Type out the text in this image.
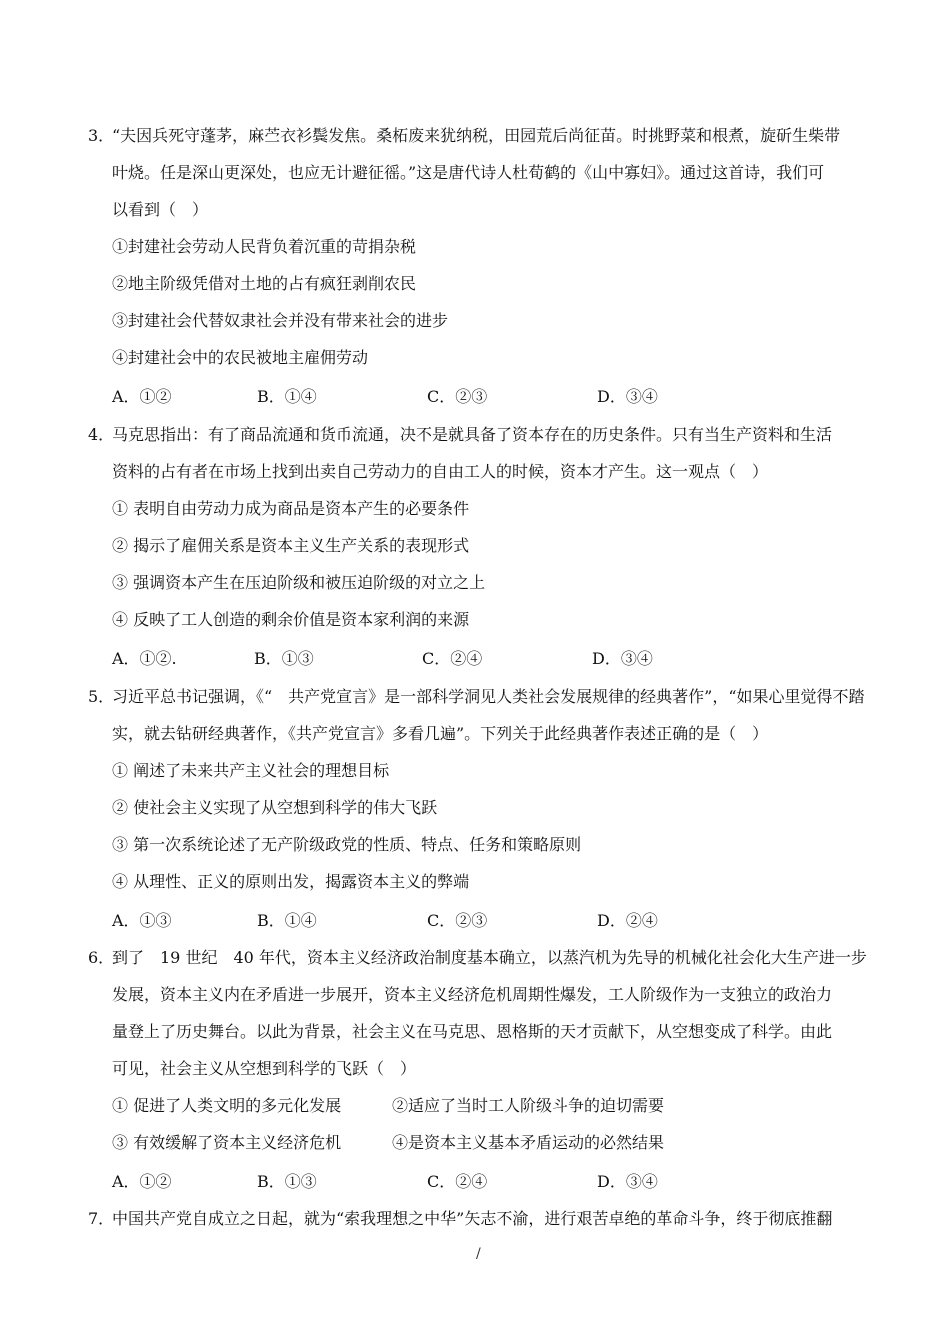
3．
“夫因兵死守蓬茅，麻苎衣衫鬓发焦。桑柘废来犹纳税，田园荒后尚征苗。时挑野菜和根煮，旋斫生柴带
叶烧。任是深山更深处，也应无计避征徭。”这是唐代诗人杜荀鹤的《山中寡妇》。通过这首诗，我们可
以看到（　）
①封建社会劳动人民背负着沉重的苛捐杂税
②地主阶级凭借对土地的占有疯狂剥削农民
③封建社会代替奴隶社会并没有带来社会的进步
④封建社会中的农民被地主雇佣劳动
A．①②	B．①④	C．②③	D．③④
4．
马克思指出：有了商品流通和货币流通，决不是就具备了资本存在的历史条件。只有当生产资料和生活
资料的占有者在市场上找到出卖自己劳动力的自由工人的时候，资本才产生。这一观点（　）
① 表明自由劳动力成为商品是资本产生的必要条件
② 揭示了雇佣关系是资本主义生产关系的表现形式
③ 强调资本产生在压迫阶级和被压迫阶级的对立之上
④ 反映了工人创造的剩余价值是资本家利润的来源
A．①②.	B．①③	C．②④	D．③④
5．
习近平总书记强调，《“　共产党宣言》是一部科学洞见人类社会发展规律的经典著作”，“如果心里觉得不踏
实，就去钻研经典著作，《共产党宣言》多看几遍”。下列关于此经典著作表述正确的是（　）
① 阐述了未来共产主义社会的理想目标
② 使社会主义实现了从空想到科学的伟大飞跃
③ 第一次系统论述了无产阶级政党的性质、特点、任务和策略原则
④ 从理性、正义的原则出发，揭露资本主义的弊端
A．①③	B．①④	C．②③	D．②④
6．
到了　19 世纪　40 年代，资本主义经济政治制度基本确立，以蒸汽机为先导的机械化社会化大生产进一步
发展，资本主义内在矛盾进一步展开，资本主义经济危机周期性爆发，工人阶级作为一支独立的政治力
量登上了历史舞台。以此为背景，社会主义在马克思、恩格斯的天才贡献下，从空想变成了科学。由此
可见，社会主义从空想到科学的飞跃（　）
① 促进了人类文明的多元化发展	②适应了当时工人阶级斗争的迫切需要
③ 有效缓解了资本主义经济危机	④是资本主义基本矛盾运动的必然结果
A．①②	B．①③	C．②④	D．③④
7．
中国共产党自成立之日起，就为“索我理想之中华”矢志不渝，进行艰苦卓绝的革命斗争，终于彻底推翻
/
